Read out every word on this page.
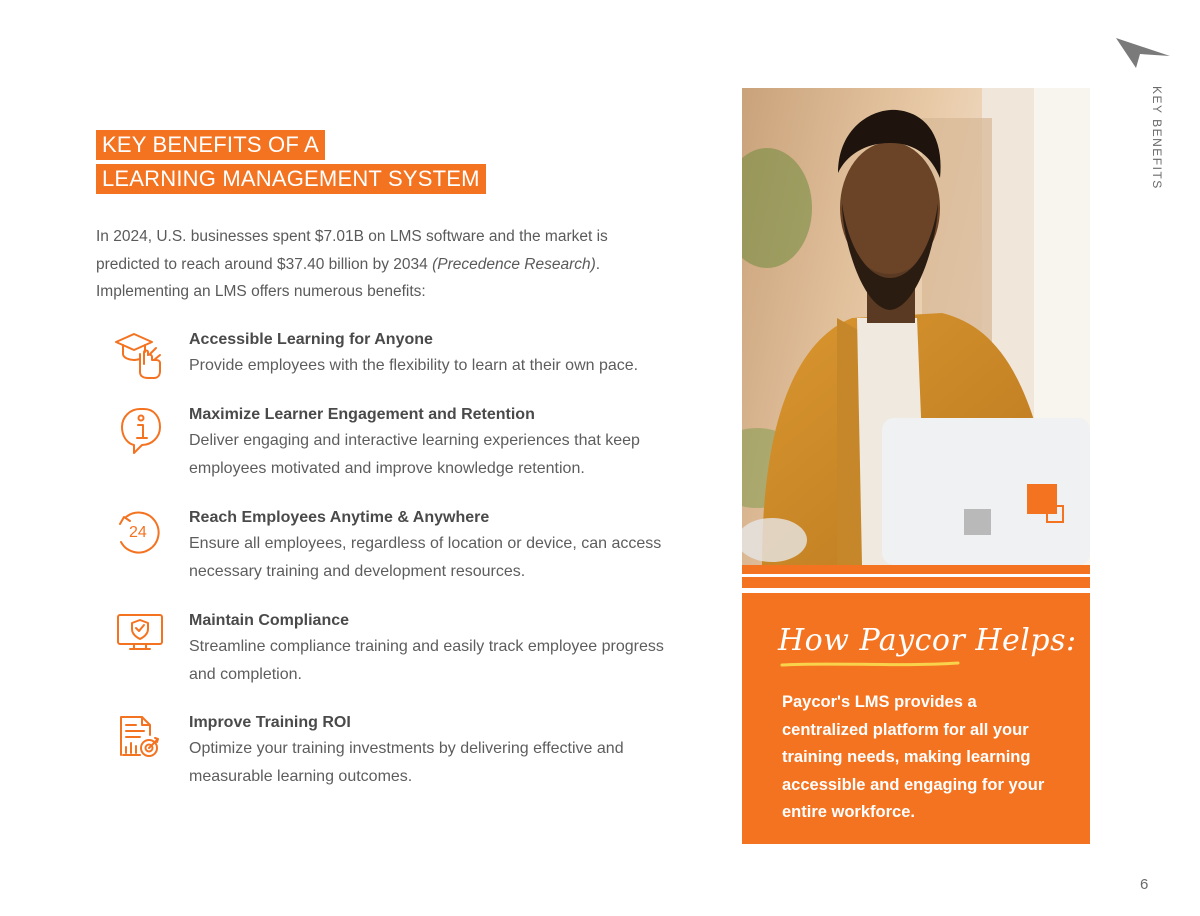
KEY BENEFITS OF A
LEARNING MANAGEMENT SYSTEM
In 2024, U.S. businesses spent $7.01B on LMS software and the market is
predicted to reach around $37.40 billion by 2034 (Precedence Research).
Implementing an LMS offers numerous benefits:
Accessible Learning for Anyone
Provide employees with the flexibility to learn at their own pace.
Maximize Learner Engagement and Retention
Deliver engaging and interactive learning experiences that keep employees motivated and improve knowledge retention.
24
Reach Employees Anytime & Anywhere
Ensure all employees, regardless of location or device, can access necessary training and development resources.
Maintain Compliance
Streamline compliance training and easily track employee progress and completion.
Improve Training ROI
Optimize your training investments by delivering effective and measurable learning outcomes.
How Paycor Helps:
Paycor's LMS provides a centralized platform for all your training needs, making learning accessible and engaging for your entire workforce.
KEY BENEFITS
6
